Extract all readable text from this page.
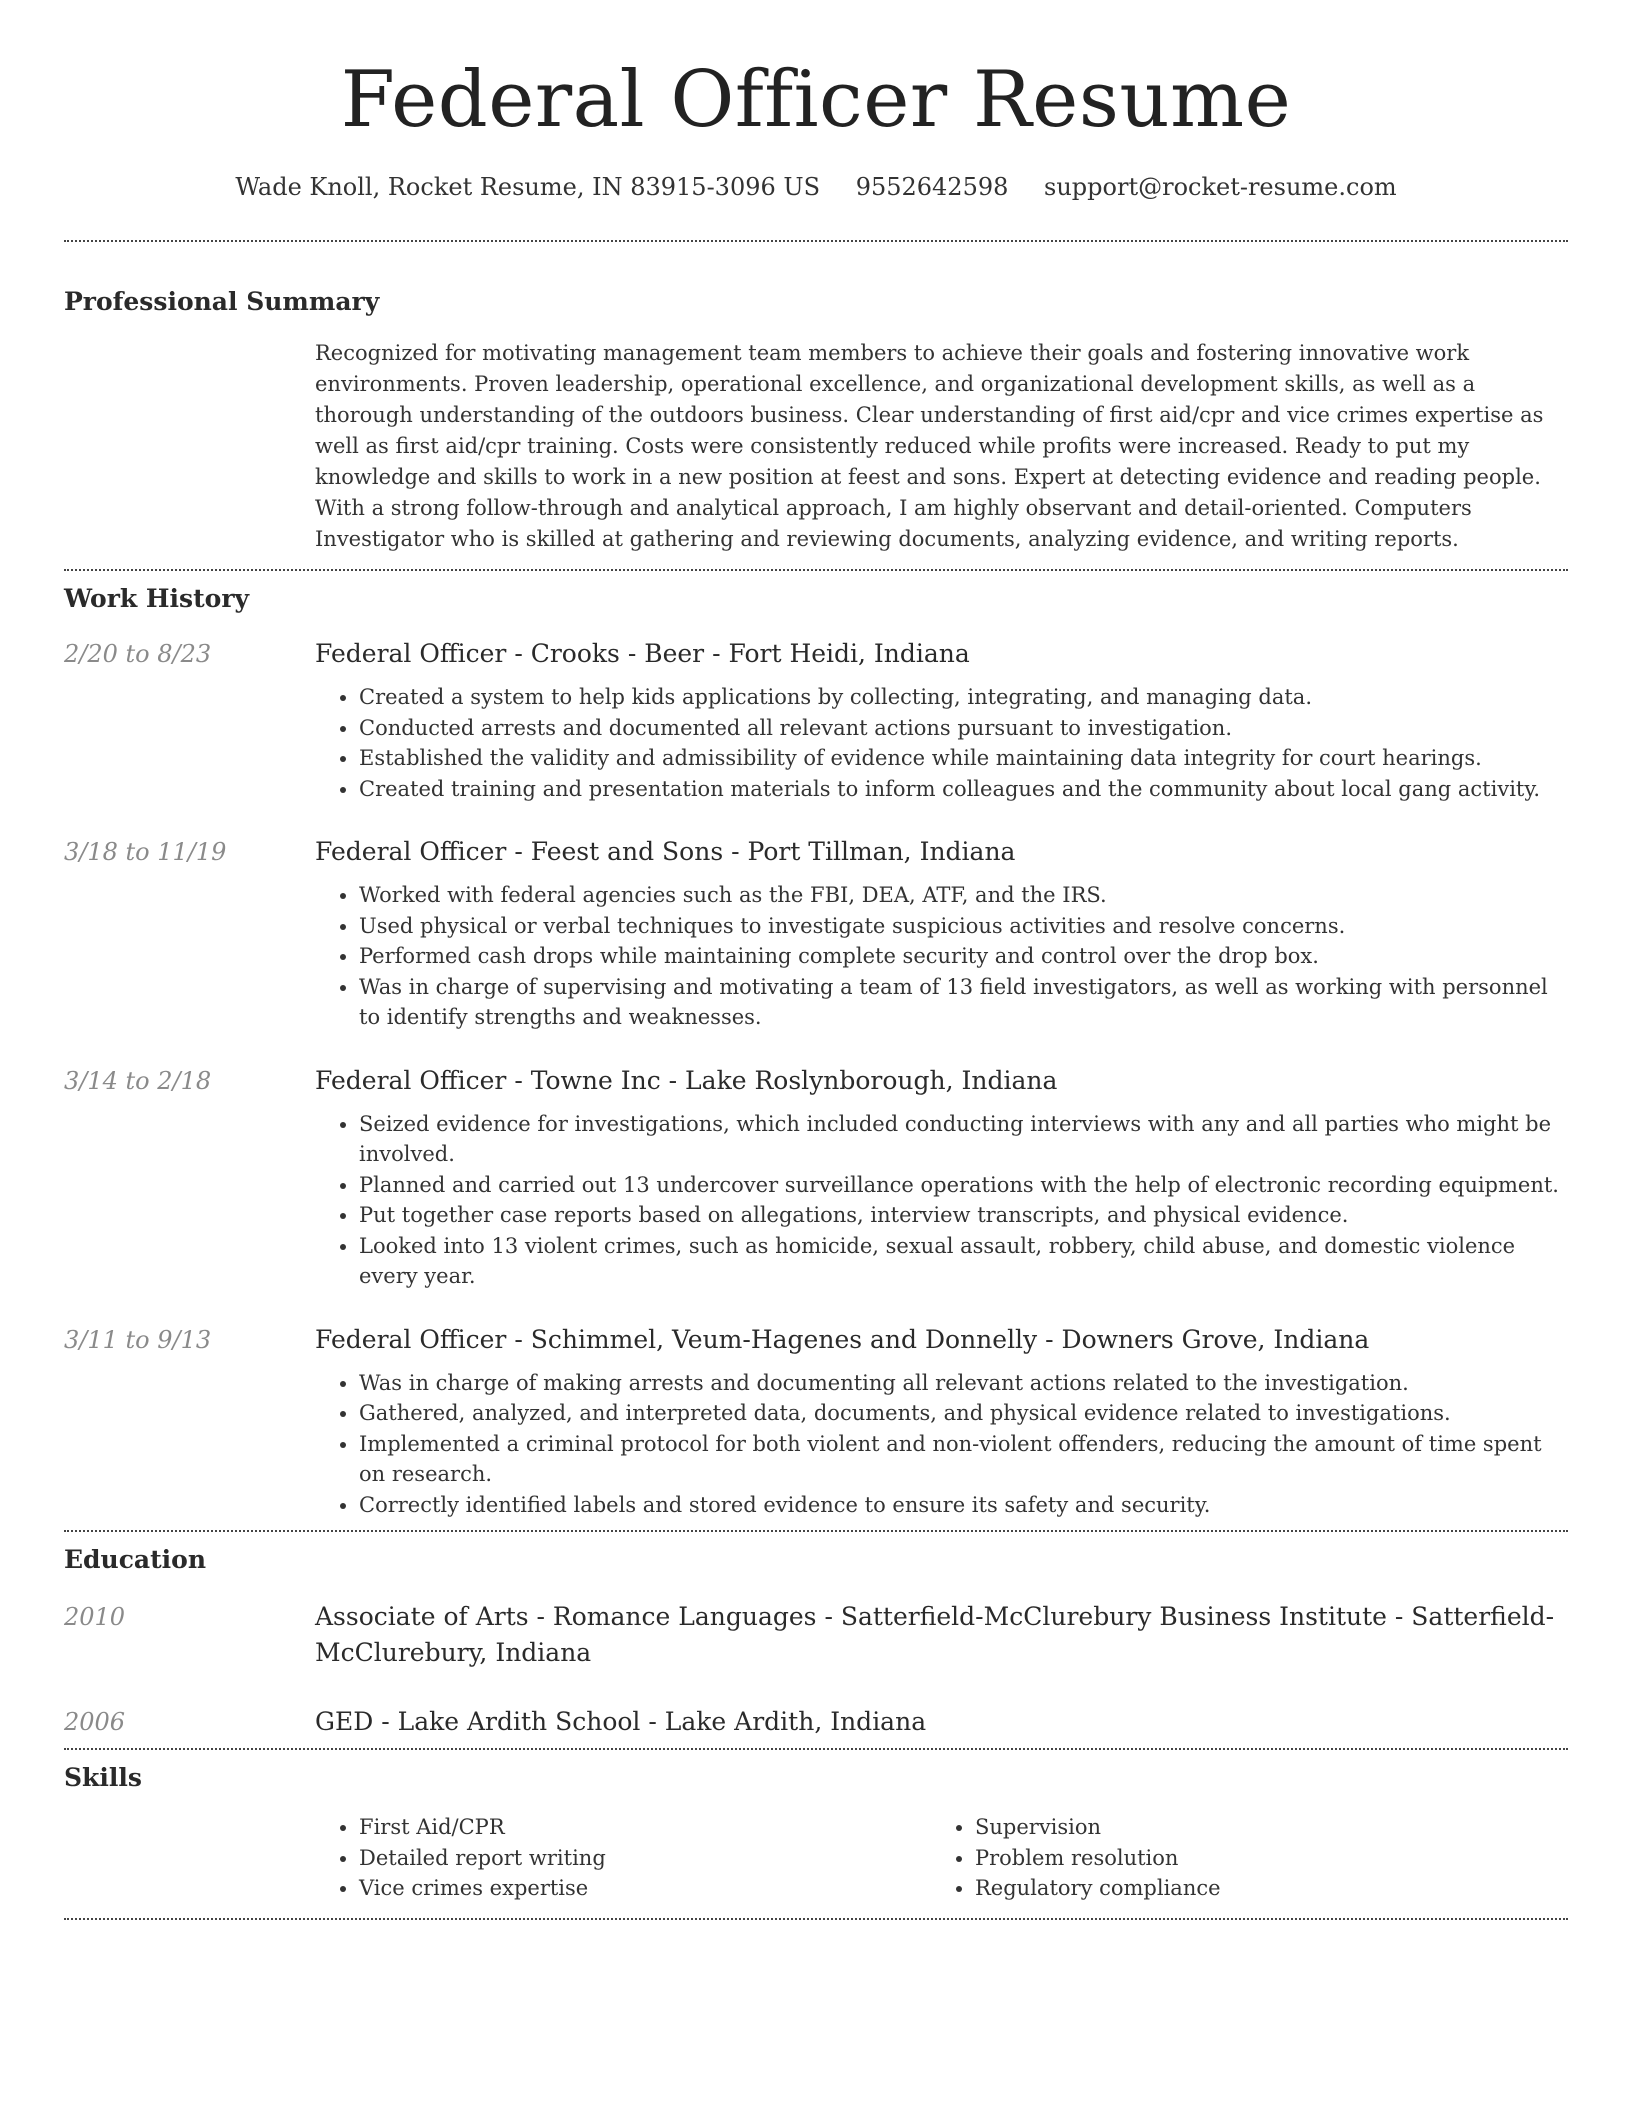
Federal Officer Resume
Wade Knoll, Rocket Resume, IN 83915-3096 US 9552642598 support@rocket-resume.com
Professional Summary

Recognized for motivating management team members to achieve their goals and fostering innovative work environments. Proven leadership, operational excellence, and organizational development skills, as well as a thorough understanding of the outdoors business. Clear understanding of first aid/cpr and vice crimes expertise as well as first aid/cpr training. Costs were consistently reduced while profits were increased. Ready to put my knowledge and skills to work in a new position at feest and sons. Expert at detecting evidence and reading people. With a strong follow-through and analytical approach, I am highly observant and detail-oriented. Computers Investigator who is skilled at gathering and reviewing documents, analyzing evidence, and writing reports.

Work History
2/20 to 8/23	Federal Officer - Crooks - Beer - Fort Heidi, Indiana
• Created a system to help kids applications by collecting, integrating, and managing data.
• Conducted arrests and documented all relevant actions pursuant to investigation.
• Established the validity and admissibility of evidence while maintaining data integrity for court hearings.
• Created training and presentation materials to inform colleagues and the community about local gang activity.
3/18 to 11/19	Federal Officer - Feest and Sons - Port Tillman, Indiana
• Worked with federal agencies such as the FBI, DEA, ATF, and the IRS.
• Used physical or verbal techniques to investigate suspicious activities and resolve concerns.
• Performed cash drops while maintaining complete security and control over the drop box.
• Was in charge of supervising and motivating a team of 13 field investigators, as well as working with personnel to identify strengths and weaknesses.
3/14 to 2/18	Federal Officer - Towne Inc - Lake Roslynborough, Indiana
• Seized evidence for investigations, which included conducting interviews with any and all parties who might be involved.
• Planned and carried out 13 undercover surveillance operations with the help of electronic recording equipment.
• Put together case reports based on allegations, interview transcripts, and physical evidence.
• Looked into 13 violent crimes, such as homicide, sexual assault, robbery, child abuse, and domestic violence every year.
3/11 to 9/13	Federal Officer - Schimmel, Veum-Hagenes and Donnelly - Downers Grove, Indiana
• Was in charge of making arrests and documenting all relevant actions related to the investigation.
• Gathered, analyzed, and interpreted data, documents, and physical evidence related to investigations.
• Implemented a criminal protocol for both violent and non-violent offenders, reducing the amount of time spent on research.
• Correctly identified labels and stored evidence to ensure its safety and security.
Education
2010	Associate of Arts - Romance Languages - Satterfield-McClurebury Business Institute - Satterfield-McClurebury, Indiana
2006	GED - Lake Ardith School - Lake Ardith, Indiana
Skills
• First Aid/CPR
• Detailed report writing
• Vice crimes expertise
• Supervision
• Problem resolution
• Regulatory compliance
